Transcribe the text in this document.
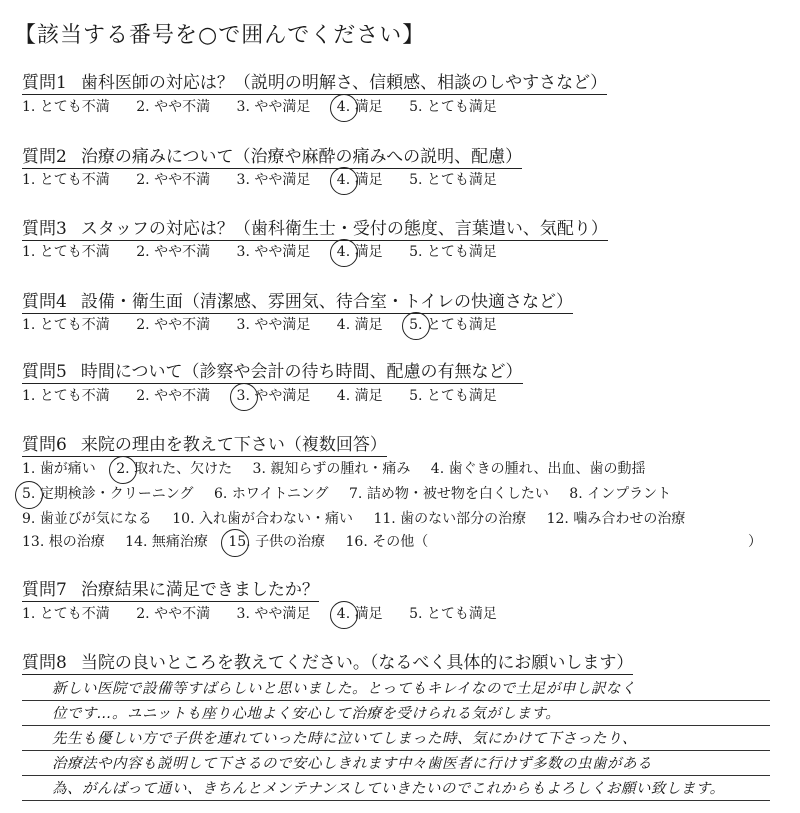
【該当する番号を○で囲んでください】
質問1 歯科医師の対応は？（説明の明解さ、信頼感、相談のしやすさなど）
1. とても不満 2. やや不満 3. やや満足 4. 満足 5. とても満足
質問2 治療の痛みについて（治療や麻酔の痛みへの説明、配慮）
1. とても不満 2. やや不満 3. やや満足 4. 満足 5. とても満足
質問3 スタッフの対応は？（歯科衛生士・受付の態度、言葉遣い、気配り）
1. とても不満 2. やや不満 3. やや満足 4. 満足 5. とても満足
質問4 設備・衛生面（清潔感、雰囲気、待合室・トイレの快適さなど）
1. とても不満 2. やや不満 3. やや満足 4. 満足 5. とても満足
質問5 時間について（診察や会計の待ち時間、配慮の有無など）
1. とても不満 2. やや不満 3. やや満足 4. 満足 5. とても満足
質問6 来院の理由を教えて下さい（複数回答）
1. 歯が痛い 2. 取れた、欠けた 3. 親知らずの腫れ・痛み 4. 歯ぐきの腫れ、出血、歯の動揺
5. 定期検診・クリーニング 6. ホワイトニング 7. 詰め物・被せ物を白くしたい 8. インプラント
9. 歯並びが気になる 10. 入れ歯が合わない・痛い 11. 歯のない部分の治療 12. 噛み合わせの治療
13. 根の治療 14. 無痛治療 15. 子供の治療 16. その他（	）
質問7 治療結果に満足できましたか？
1. とても不満 2. やや不満 3. やや満足 4. 満足 5. とても満足
質問8 当院の良いところを教えてください。（なるべく具体的にお願いします）
新しい医院で設備等すばらしいと思いました。とってもキレイなので土足が申し訳なく
位です…。ユニットも座り心地よく安心して治療を受けられる気がします。
先生も優しい方で子供を連れていった時に泣いてしまった時、気にかけて下さったり、
治療法や内容も説明して下さるので安心しきれます中々歯医者に行けず多数の虫歯がある
為、がんばって通い、きちんとメンテナンスしていきたいのでこれからもよろしくお願い致します。
